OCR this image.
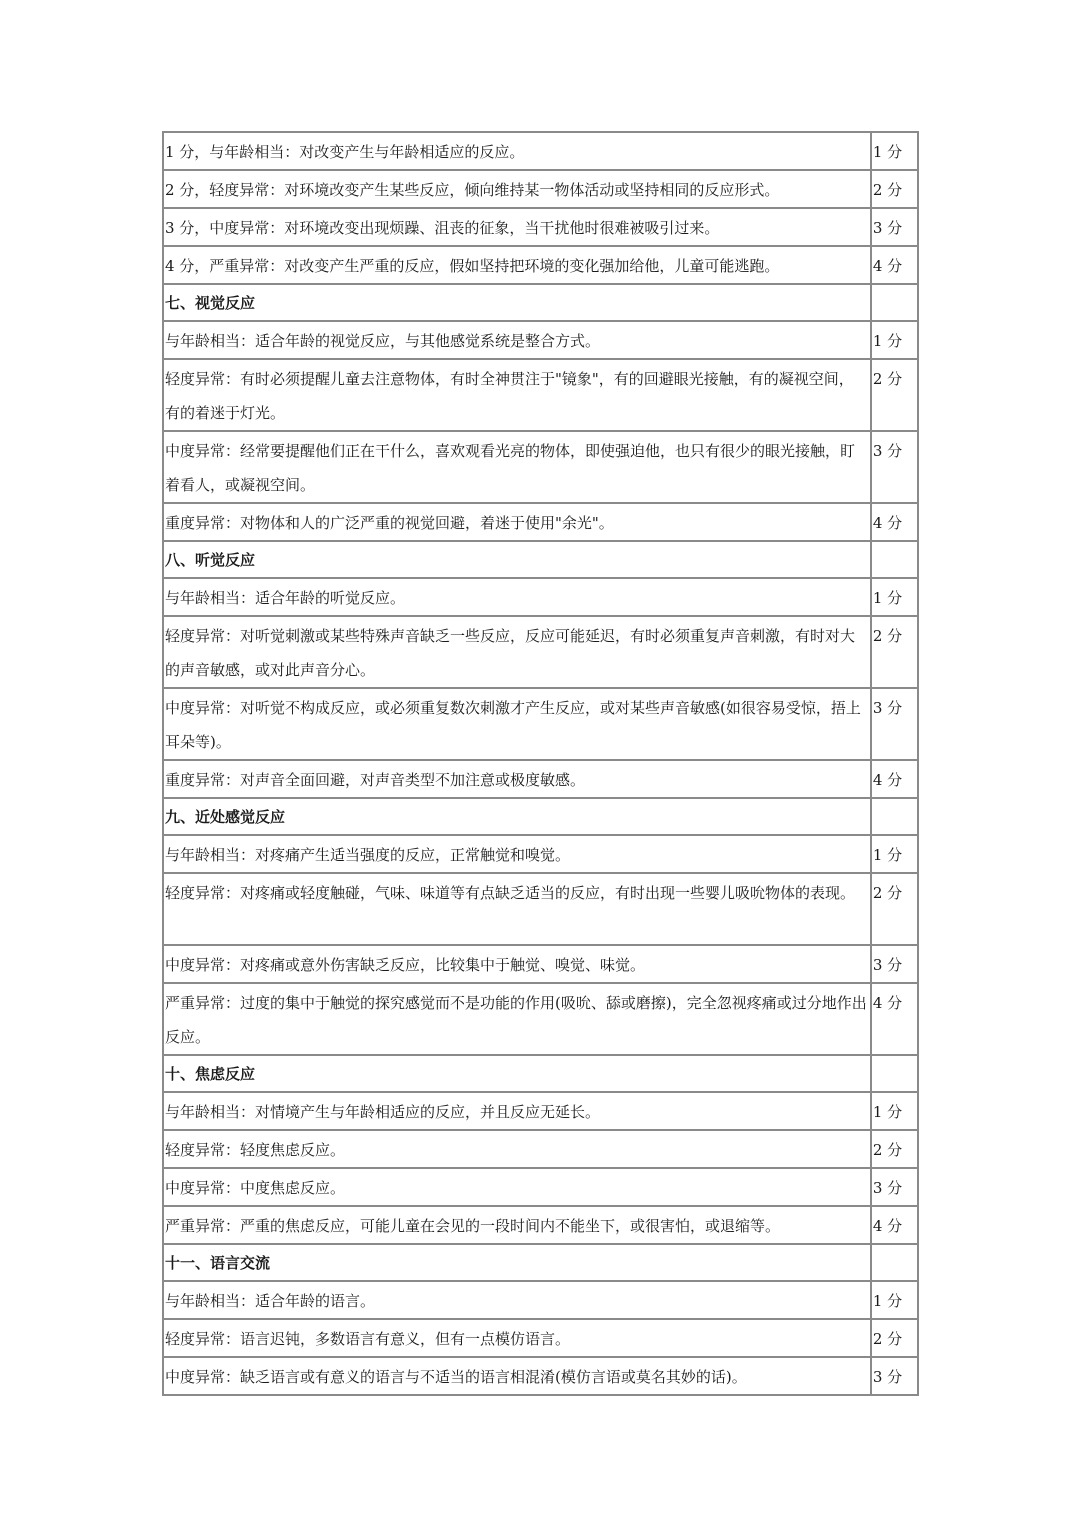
1 分，与年龄相当：对改变产生与年龄相适应的反应。	1 分
2 分，轻度异常：对环境改变产生某些反应，倾向维持某一物体活动或坚持相同的反应形式。	2 分
3 分，中度异常：对环境改变出现烦躁、沮丧的征象，当干扰他时很难被吸引过来。	3 分
4 分，严重异常：对改变产生严重的反应，假如坚持把环境的变化强加给他，儿童可能逃跑。	4 分
七、视觉反应	
与年龄相当：适合年龄的视觉反应，与其他感觉系统是整合方式。	1 分
轻度异常：有时必须提醒儿童去注意物体，有时全神贯注于"镜象"，有的回避眼光接触，有的凝视空间，有的着迷于灯光。	2 分
中度异常：经常要提醒他们正在干什么，喜欢观看光亮的物体，即使强迫他，也只有很少的眼光接触，盯着看人，或凝视空间。	3 分
重度异常：对物体和人的广泛严重的视觉回避，着迷于使用"余光"。	4 分
八、听觉反应	
与年龄相当：适合年龄的听觉反应。	1 分
轻度异常：对听觉刺激或某些特殊声音缺乏一些反应，反应可能延迟，有时必须重复声音刺激，有时对大的声音敏感，或对此声音分心。	2 分
中度异常：对听觉不构成反应，或必须重复数次刺激才产生反应，或对某些声音敏感(如很容易受惊，捂上耳朵等)。	3 分
重度异常：对声音全面回避，对声音类型不加注意或极度敏感。	4 分
九、近处感觉反应	
与年龄相当：对疼痛产生适当强度的反应，正常触觉和嗅觉。	1 分
轻度异常：对疼痛或轻度触碰，气味、味道等有点缺乏适当的反应，有时出现一些婴儿吸吮物体的表现。	2 分
中度异常：对疼痛或意外伤害缺乏反应，比较集中于触觉、嗅觉、味觉。	3 分
严重异常：过度的集中于触觉的探究感觉而不是功能的作用(吸吮、舔或磨擦)，完全忽视疼痛或过分地作出反应。	4 分
十、焦虑反应	
与年龄相当：对情境产生与年龄相适应的反应，并且反应无延长。	1 分
轻度异常：轻度焦虑反应。	2 分
中度异常：中度焦虑反应。	3 分
严重异常：严重的焦虑反应，可能儿童在会见的一段时间内不能坐下，或很害怕，或退缩等。	4 分
十一、语言交流	
与年龄相当：适合年龄的语言。	1 分
轻度异常：语言迟钝，多数语言有意义，但有一点模仿语言。	2 分
中度异常：缺乏语言或有意义的语言与不适当的语言相混淆(模仿言语或莫名其妙的话)。	3 分
